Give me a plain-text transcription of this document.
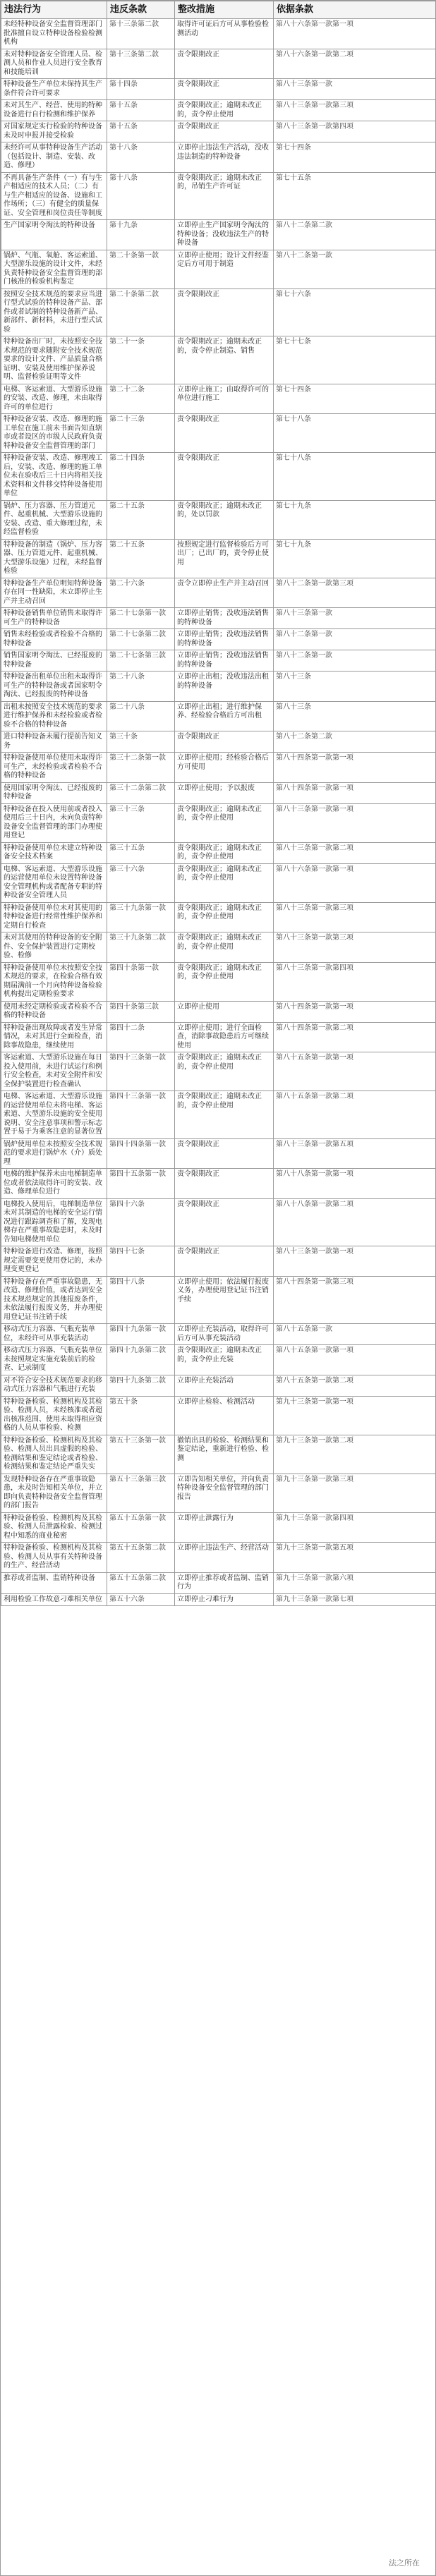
违法行为	违反条款	整改措施	依据条款
未经特种设备安全监督管理部门批准擅自设立特种设备检验检测机构	第十三条第二款	取得许可证后方可从事检验检测活动	第八十六条第一款第一项
未对特种设备安全管理人员、检测人员和作业人员进行安全教育和技能培训	第十三条第二款	责令限期改正	第八十六条第一款第二项
特种设备生产单位未保持其生产条件符合许可要求	第十四条	责令限期改正	第八十三条第一款
未对其生产、经营、使用的特种设备进行自行检测和维护保养	第十五条	责令限期改正；逾期未改正的，责令停止使用	第八十三条第一款第三项
对国家规定实行检验的特种设备未及时申报并接受检验	第十五条	责令限期改正	第八十三条第一款第四项
未经许可从事特种设备生产活动（包括设计、制造、安装、改造、修理）	第十八条	立即停止违法生产活动，没收违法制造的特种设备	第七十四条
不再具备生产条件（一）有与生产相适应的技术人员；（二）有与生产相适应的设备、设施和工作场所；（三）有健全的质量保证、安全管理和岗位责任等制度	第十八条	责令限期改正；逾期未改正的，吊销生产许可证	第七十五条
生产国家明令淘汰的特种设备	第十九条	立即停止生产国家明令淘汰的特种设备；没收违法生产的特种设备	第八十二条第二款
锅炉、气瓶、氧舱、客运索道、大型游乐设施的设计文件，未经负责特种设备安全监督管理的部门核准的检验机构鉴定	第二十条第一款	立即停止使用；设计文件经鉴定后方可用于制造	第八十二条第一款
按照安全技术规范的要求应当进行型式试验的特种设备产品、部件或者试制的特种设备新产品、新部件、新材料，未进行型式试验	第二十条第二款	责令限期改正	第七十六条
特种设备出厂时，未按照安全技术规范的要求随附安全技术规范要求的设计文件、产品质量合格证明、安装及使用维护保养说明、监督检验证明等文件	第二十一条	责令限期改正；逾期未改正的，责令停止制造、销售	第七十七条
电梯、客运索道、大型游乐设施的安装、改造、修理，未由取得许可的单位进行	第二十二条	立即停止施工；由取得许可的单位进行施工	第七十四条
特种设备安装、改造、修理的施工单位在施工前未书面告知直辖市或者设区的市级人民政府负责特种设备安全监督管理的部门	第二十三条	责令限期改正	第七十八条
特种设备安装、改造、修理竣工后，安装、改造、修理的施工单位未在验收后三十日内将相关技术资料和文件移交特种设备使用单位	第二十四条	责令限期改正	第七十八条
锅炉、压力容器、压力管道元件、起重机械、大型游乐设施的安装、改造、重大修理过程，未经监督检验	第二十五条	责令限期改正；逾期未改正的，处以罚款	第七十九条
特种设备的制造（锅炉、压力容器、压力管道元件、起重机械、大型游乐设施）过程，未经监督检验	第二十五条	按照规定进行监督检验后方可出厂；已出厂的，责令停止使用	第七十九条
特种设备生产单位明知特种设备存在同一性缺陷，未立即停止生产并主动召回	第二十六条	责令立即停止生产并主动召回	第八十二条第一款第三项
特种设备销售单位销售未取得许可生产的特种设备	第二十七条第一款	立即停止销售；没收违法销售的特种设备	第八十三条第一款
销售未经检验或者检验不合格的特种设备	第二十七条第二款	立即停止销售；没收违法销售的特种设备	第八十二条第一款
销售国家明令淘汰、已经报废的特种设备	第二十七条第三款	立即停止销售；没收违法销售的特种设备	第八十二条第一款
特种设备出租单位出租未取得许可生产的特种设备或者国家明令淘汰、已经报废的特种设备	第二十八条	立即停止出租；没收违法出租的特种设备	第八十三条
出租未按照安全技术规范的要求进行维护保养和未经检验或者检验不合格的特种设备	第二十八条	立即停止出租；进行维护保养、经检验合格后方可出租	第八十三条
进口特种设备未履行提前告知义务	第三十条	责令限期改正	第八十二条第二款
特种设备使用单位使用未取得许可生产，未经检验或者检验不合格的特种设备	第三十二条第一款	立即停止使用；经检验合格后方可使用	第八十四条第一款第一项
使用国家明令淘汰、已经报废的特种设备	第三十二条第二款	立即停止使用；予以报废	第八十四条第一款第一项
特种设备在投入使用前或者投入使用后三十日内，未向负责特种设备安全监督管理的部门办理使用登记	第三十三条	责令限期改正；逾期未改正的，责令停止使用	第八十三条第一款第一项
特种设备使用单位未建立特种设备安全技术档案	第三十五条	责令限期改正；逾期未改正的，责令停止使用	第八十三条第一款第二项
电梯、客运索道、大型游乐设施的运营使用单位未设置特种设备安全管理机构或者配备专职的特种设备安全管理人员	第三十六条	责令限期改正；逾期未改正的，责令停止使用	第八十六条第一款第一项
特种设备使用单位未对其使用的特种设备进行经常性维护保养和定期自行检查	第三十九条第一款	责令限期改正；逾期未改正的，责令停止使用	第八十三条第一款第三项
未对其使用的特种设备的安全附件、安全保护装置进行定期校验、检修	第三十九条第二款	责令限期改正；逾期未改正的，责令停止使用	第八十三条第一款第三项
特种设备使用单位未按照安全技术规范的要求，在检验合格有效期届满前一个月向特种设备检验机构提出定期检验要求	第四十条第一款	责令限期改正；逾期未改正的，责令停止使用	第八十三条第一款第四项
使用未经定期检验或者检验不合格的特种设备	第四十条第三款	立即停止使用	第八十四条第一款第一项
特种设备出现故障或者发生异常情况，未对其进行全面检查，消除事故隐患，继续使用	第四十二条	立即停止使用；进行全面检查，消除事故隐患后方可继续使用	第八十四条第一款第二项
客运索道、大型游乐设施在每日投入使用前，未进行试运行和例行安全检查，未对安全附件和安全保护装置进行检查确认	第四十三条第一款	责令限期改正；逾期未改正的，责令停止使用	第八十五条第一款第一项
电梯、客运索道、大型游乐设施的运营使用单位未将电梯、客运索道、大型游乐设施的安全使用说明、安全注意事项和警示标志置于易于为乘客注意的显著位置	第四十三条第一款	责令限期改正；逾期未改正的，责令停止使用	第八十五条第一款第二项
锅炉使用单位未按照安全技术规范的要求进行锅炉水（介）质处理	第四十四条第一款	责令限期改正	第八十三条第一款第五项
电梯的维护保养未由电梯制造单位或者依法取得许可的安装、改造、修理单位进行	第四十五条第一款	责令限期改正	第八十八条第一款第一项
电梯投入使用后，电梯制造单位未对其制造的电梯的安全运行情况进行跟踪调查和了解，发现电梯存在严重事故隐患时，未及时告知电梯使用单位	第四十六条	责令限期改正	第八十八条第一款第二项
特种设备进行改造、修理，按照规定需要变更使用登记的，未办理变更登记	第四十七条	责令限期改正	第八十三条第一款第一项
特种设备存在严重事故隐患，无改造、修理价值，或者达到安全技术规范规定的其他报废条件，未依法履行报废义务，并办理使用登记证书注销手续	第四十八条	立即停止使用；依法履行报废义务，办理使用登记证书注销手续	第八十四条第一款第三项
移动式压力容器、气瓶充装单位，未经许可从事充装活动	第四十九条第一款	立即停止充装活动，取得许可后方可从事充装活动	第八十五条第一款
移动式压力容器、气瓶充装单位未按照规定实施充装前后的检查、记录制度	第四十九条第二款	责令限期改正；逾期未改正的，责令停止充装	第八十五条第一款第一项
对不符合安全技术规范要求的移动式压力容器和气瓶进行充装	第四十九条第二款	立即停止充装活动	第八十五条第一款第二项
特种设备检验、检测机构及其检验、检测人员，未经核准或者超出核准范围、使用未取得相应资格的人员从事检验、检测	第五十条	立即停止检验、检测活动	第九十三条第一款第一项
特种设备检验、检测机构及其检验、检测人员出具虚假的检验、检测结果和鉴定结论或者检验、检测结果和鉴定结论严重失实	第五十三条第一款	撤销出具的检验、检测结果和鉴定结论，重新进行检验、检测	第九十三条第一款第二项
发现特种设备存在严重事故隐患，未及时告知相关单位，并立即向负责特种设备安全监督管理的部门报告	第五十三条第三款	立即告知相关单位，并向负责特种设备安全监督管理的部门报告	第九十三条第一款第三项
特种设备检验、检测机构及其检验、检测人员泄露检验、检测过程中知悉的商业秘密	第五十五条第一款	立即停止泄露行为	第九十三条第一款第四项
特种设备检验、检测机构及其检验、检测人员从事有关特种设备的生产、经营活动	第五十五条第二款	立即停止违法生产、经营活动	第九十三条第一款第五项
推荐或者监制、监销特种设备	第五十五条第二款	立即停止推荐或者监制、监销行为	第九十三条第一款第六项
利用检验工作故意刁难相关单位	第五十六条	立即停止刁难行为	第九十三条第一款第七项
法之所在
